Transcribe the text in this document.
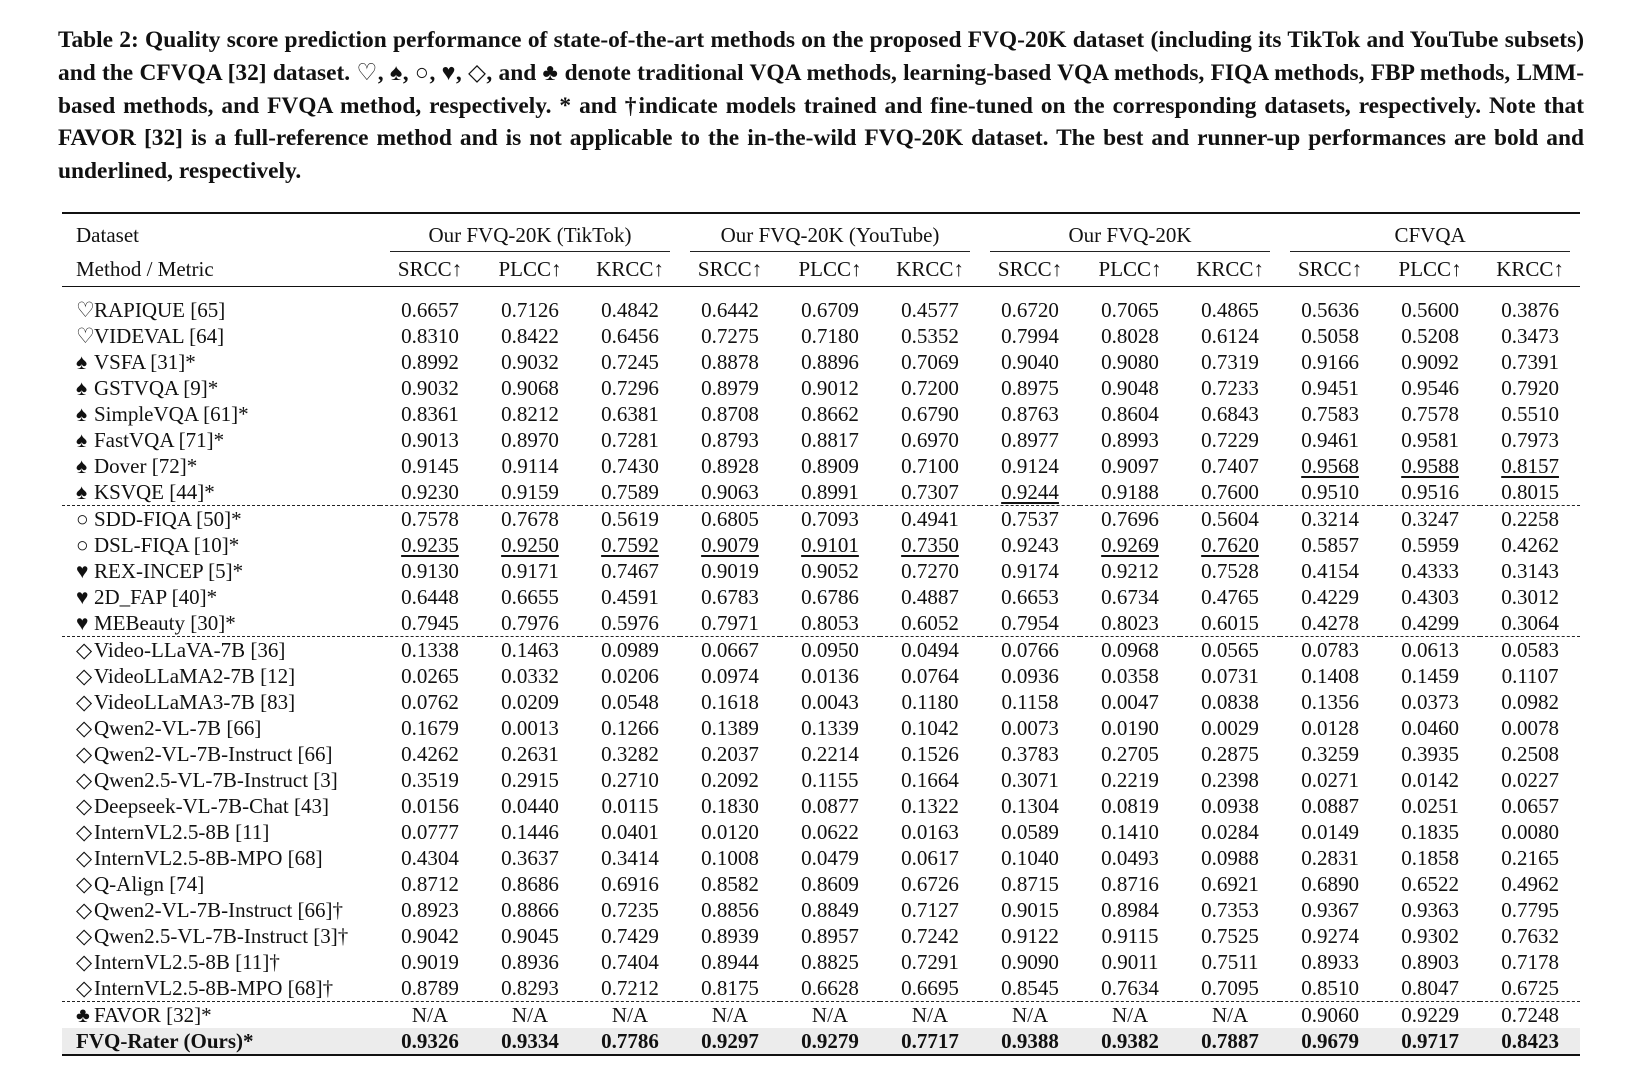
Table 2: Quality score prediction performance of state-of-the-art methods on the proposed FVQ-20K dataset (including its TikTok and YouTube subsets) and the CFVQA [32] dataset. ♡, ♠, ○, ♥, ◇, and ♣ denote traditional VQA methods, learning-based VQA methods, FIQA methods, FBP methods, LMM-based methods, and FVQA method, respectively. * and †indicate models trained and fine-tuned on the corresponding datasets, respectively. Note that FAVOR [32] is a full-reference method and is not applicable to the in-the-wild FVQ-20K dataset. The best and runner-up performances are bold and underlined, respectively.

Dataset	Our FVQ-20K (TikTok)			Our FVQ-20K (YouTube)			Our FVQ-20K			CFVQA		

Method / Metric	SRCC↑	PLCC↑	KRCC↑	SRCC↑	PLCC↑	KRCC↑	SRCC↑	PLCC↑	KRCC↑	SRCC↑	PLCC↑	KRCC↑
♡RAPIQUE [65]	0.6657	0.7126	0.4842	0.6442	0.6709	0.4577	0.6720	0.7065	0.4865	0.5636	0.5600	0.3876
♡VIDEVAL [64]	0.8310	0.8422	0.6456	0.7275	0.7180	0.5352	0.7994	0.8028	0.6124	0.5058	0.5208	0.3473
♠ VSFA [31]*	0.8992	0.9032	0.7245	0.8878	0.8896	0.7069	0.9040	0.9080	0.7319	0.9166	0.9092	0.7391
♠ GSTVQA [9]*	0.9032	0.9068	0.7296	0.8979	0.9012	0.7200	0.8975	0.9048	0.7233	0.9451	0.9546	0.7920
♠ SimpleVQA [61]*	0.8361	0.8212	0.6381	0.8708	0.8662	0.6790	0.8763	0.8604	0.6843	0.7583	0.7578	0.5510
♠ FastVQA [71]*	0.9013	0.8970	0.7281	0.8793	0.8817	0.6970	0.8977	0.8993	0.7229	0.9461	0.9581	0.7973
♠ Dover [72]*	0.9145	0.9114	0.7430	0.8928	0.8909	0.7100	0.9124	0.9097	0.7407	0.9568	0.9588	0.8157
♠ KSVQE [44]*	0.9230	0.9159	0.7589	0.9063	0.8991	0.7307	0.9244	0.9188	0.7600	0.9510	0.9516	0.8015
○ SDD-FIQA [50]*	0.7578	0.7678	0.5619	0.6805	0.7093	0.4941	0.7537	0.7696	0.5604	0.3214	0.3247	0.2258
○ DSL-FIQA [10]*	0.9235	0.9250	0.7592	0.9079	0.9101	0.7350	0.9243	0.9269	0.7620	0.5857	0.5959	0.4262
♥ REX-INCEP [5]*	0.9130	0.9171	0.7467	0.9019	0.9052	0.7270	0.9174	0.9212	0.7528	0.4154	0.4333	0.3143
♥ 2D_FAP [40]*	0.6448	0.6655	0.4591	0.6783	0.6786	0.4887	0.6653	0.6734	0.4765	0.4229	0.4303	0.3012
♥ MEBeauty [30]*	0.7945	0.7976	0.5976	0.7971	0.8053	0.6052	0.7954	0.8023	0.6015	0.4278	0.4299	0.3064
◇Video-LLaVA-7B [36]	0.1338	0.1463	0.0989	0.0667	0.0950	0.0494	0.0766	0.0968	0.0565	0.0783	0.0613	0.0583
◇VideoLLaMA2-7B [12]	0.0265	0.0332	0.0206	0.0974	0.0136	0.0764	0.0936	0.0358	0.0731	0.1408	0.1459	0.1107
◇VideoLLaMA3-7B [83]	0.0762	0.0209	0.0548	0.1618	0.0043	0.1180	0.1158	0.0047	0.0838	0.1356	0.0373	0.0982
◇Qwen2-VL-7B [66]	0.1679	0.0013	0.1266	0.1389	0.1339	0.1042	0.0073	0.0190	0.0029	0.0128	0.0460	0.0078
◇Qwen2-VL-7B-Instruct [66]	0.4262	0.2631	0.3282	0.2037	0.2214	0.1526	0.3783	0.2705	0.2875	0.3259	0.3935	0.2508
◇Qwen2.5-VL-7B-Instruct [3]	0.3519	0.2915	0.2710	0.2092	0.1155	0.1664	0.3071	0.2219	0.2398	0.0271	0.0142	0.0227
◇Deepseek-VL-7B-Chat [43]	0.0156	0.0440	0.0115	0.1830	0.0877	0.1322	0.1304	0.0819	0.0938	0.0887	0.0251	0.0657
◇InternVL2.5-8B [11]	0.0777	0.1446	0.0401	0.0120	0.0622	0.0163	0.0589	0.1410	0.0284	0.0149	0.1835	0.0080
◇InternVL2.5-8B-MPO [68]	0.4304	0.3637	0.3414	0.1008	0.0479	0.0617	0.1040	0.0493	0.0988	0.2831	0.1858	0.2165
◇Q-Align [74]	0.8712	0.8686	0.6916	0.8582	0.8609	0.6726	0.8715	0.8716	0.6921	0.6890	0.6522	0.4962
◇Qwen2-VL-7B-Instruct [66]†	0.8923	0.8866	0.7235	0.8856	0.8849	0.7127	0.9015	0.8984	0.7353	0.9367	0.9363	0.7795
◇Qwen2.5-VL-7B-Instruct [3]†	0.9042	0.9045	0.7429	0.8939	0.8957	0.7242	0.9122	0.9115	0.7525	0.9274	0.9302	0.7632
◇InternVL2.5-8B [11]†	0.9019	0.8936	0.7404	0.8944	0.8825	0.7291	0.9090	0.9011	0.7511	0.8933	0.8903	0.7178
◇InternVL2.5-8B-MPO [68]†	0.8789	0.8293	0.7212	0.8175	0.6628	0.6695	0.8545	0.7634	0.7095	0.8510	0.8047	0.6725
♣ FAVOR [32]*	N/A	N/A	N/A	N/A	N/A	N/A	N/A	N/A	N/A	0.9060	0.9229	0.7248
FVQ-Rater (Ours)*	0.9326	0.9334	0.7786	0.9297	0.9279	0.7717	0.9388	0.9382	0.7887	0.9679	0.9717	0.8423
